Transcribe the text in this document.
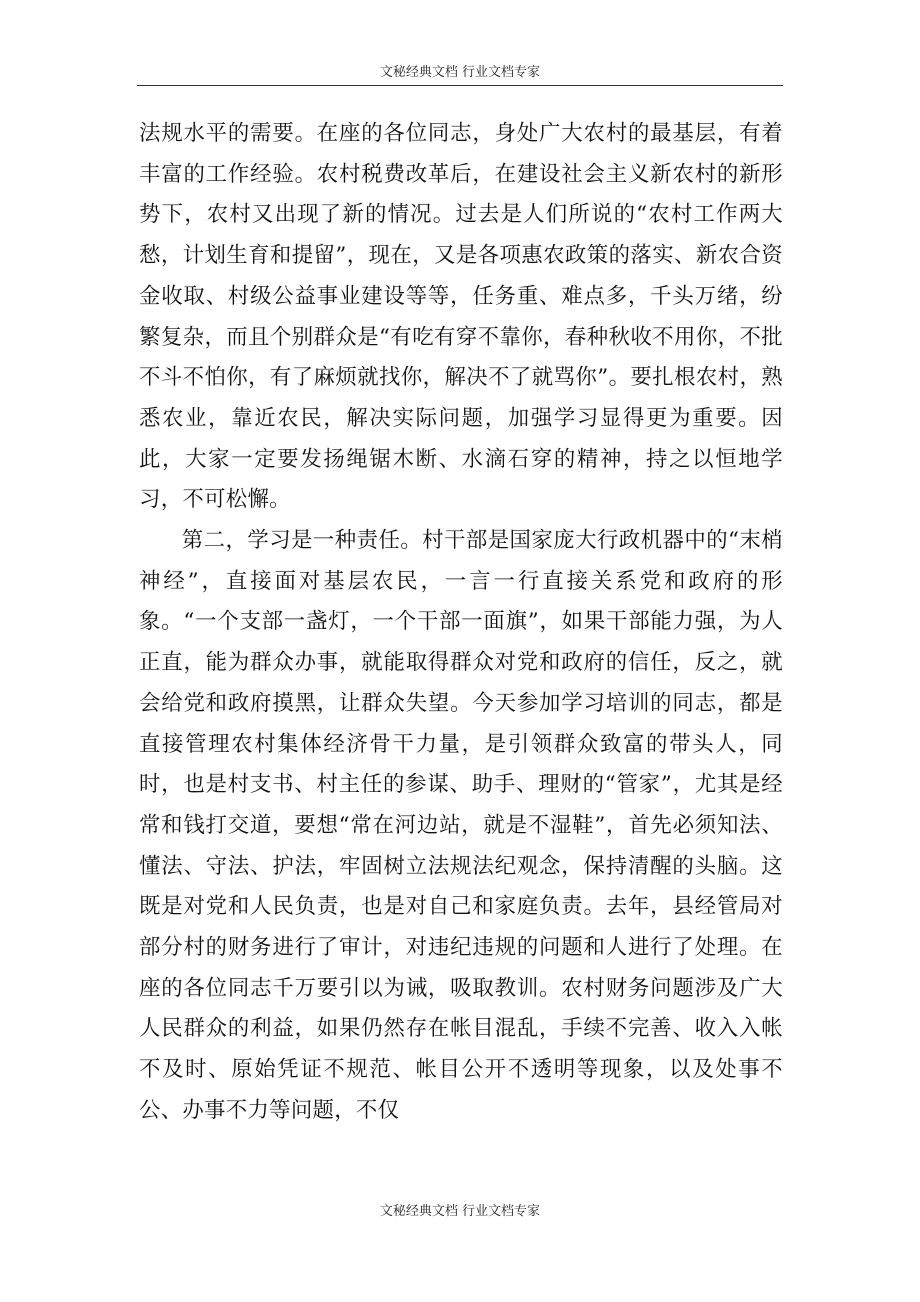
文秘经典文档 行业文档专家

法规水平的需要。在座的各位同志，身处广大农村的最基层，有着丰富的工作经验。农村税费改革后，在建设社会主义新农村的新形势下，农村又出现了新的情况。过去是人们所说的“农村工作两大愁，计划生育和提留”，现在，又是各项惠农政策的落实、新农合资金收取、村级公益事业建设等等，任务重、难点多，千头万绪，纷繁复杂，而且个别群众是“有吃有穿不靠你，春种秋收不用你，不批不斗不怕你，有了麻烦就找你，解决不了就骂你”。要扎根农村，熟悉农业，靠近农民，解决实际问题，加强学习显得更为重要。因此，大家一定要发扬绳锯木断、水滴石穿的精神，持之以恒地学习，不可松懈。

第二，学习是一种责任。村干部是国家庞大行政机器中的“末梢神经”，直接面对基层农民，一言一行直接关系党和政府的形象。“一个支部一盏灯，一个干部一面旗”，如果干部能力强，为人正直，能为群众办事，就能取得群众对党和政府的信任，反之，就会给党和政府摸黑，让群众失望。今天参加学习培训的同志，都是直接管理农村集体经济骨干力量，是引领群众致富的带头人，同时，也是村支书、村主任的参谋、助手、理财的“管家”，尤其是经常和钱打交道，要想“常在河边站，就是不湿鞋”，首先必须知法、懂法、守法、护法，牢固树立法规法纪观念，保持清醒的头脑。这既是对党和人民负责，也是对自己和家庭负责。去年，县经管局对部分村的财务进行了审计，对违纪违规的问题和人进行了处理。在座的各位同志千万要引以为诫，吸取教训。农村财务问题涉及广大人民群众的利益，如果仍然存在帐目混乱，手续不完善、收入入帐不及时、原始凭证不规范、帐目公开不透明等现象，以及处事不公、办事不力等问题，不仅

文秘经典文档 行业文档专家
